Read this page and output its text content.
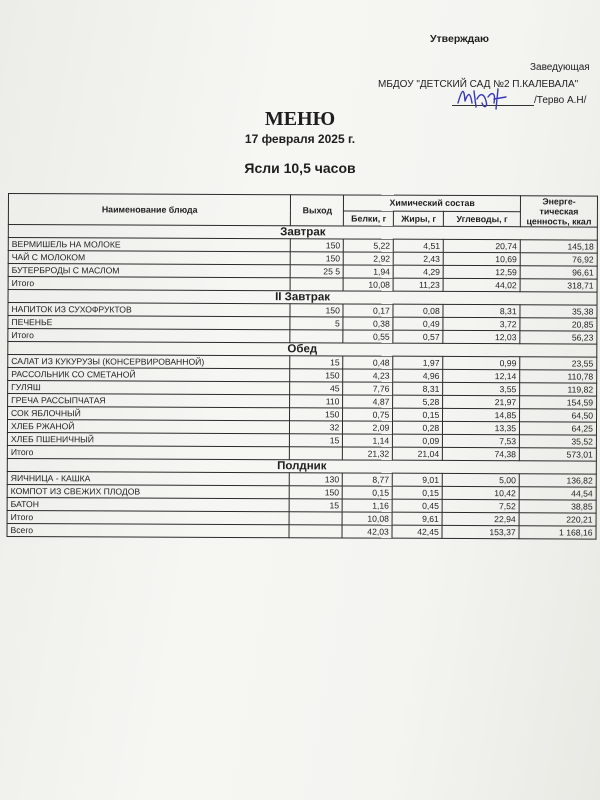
Утверждаю
Заведующая
МБДОУ "ДЕТСКИЙ САД №2 П.КАЛЕВАЛА"
/Терво А.Н/
МЕНЮ
17 февраля 2025 г.
Ясли 10,5 часов
Наименование блюда	Выход	Химический состав			Энерге-тическая ценность, ккал
		Белки, г	Жиры, г	Углеводы, г	
Завтрак					
ВЕРМИШЕЛЬ НА МОЛОКЕ	150	5,22	4,51	20,74	145,18
ЧАЙ С МОЛОКОМ	150	2,92	2,43	10,69	76,92
БУТЕРБРОДЫ С МАСЛОМ	25 5	1,94	4,29	12,59	96,61
Итого		10,08	11,23	44,02	318,71
II Завтрак					
НАПИТОК ИЗ СУХОФРУКТОВ	150	0,17	0,08	8,31	35,38
ПЕЧЕНЬЕ	5	0,38	0,49	3,72	20,85
Итого		0,55	0,57	12,03	56,23
Обед					
САЛАТ ИЗ КУКУРУЗЫ (КОНСЕРВИРОВАННОЙ)	15	0,48	1,97	0,99	23,55
РАССОЛЬНИК СО СМЕТАНОЙ	150	4,23	4,96	12,14	110,78
ГУЛЯШ	45	7,76	8,31	3,55	119,82
ГРЕЧА РАССЫПЧАТАЯ	110	4,87	5,28	21,97	154,59
СОК ЯБЛОЧНЫЙ	150	0,75	0,15	14,85	64,50
ХЛЕБ РЖАНОЙ	32	2,09	0,28	13,35	64,25
ХЛЕБ ПШЕНИЧНЫЙ	15	1,14	0,09	7,53	35,52
Итого		21,32	21,04	74,38	573,01
Полдник					
ЯИЧНИЦА - КАШКА	130	8,77	9,01	5,00	136,82
КОМПОТ ИЗ СВЕЖИХ ПЛОДОВ	150	0,15	0,15	10,42	44,54
БАТОН	15	1,16	0,45	7,52	38,85
Итого		10,08	9,61	22,94	220,21
Всего		42,03	42,45	153,37	1 168,16
